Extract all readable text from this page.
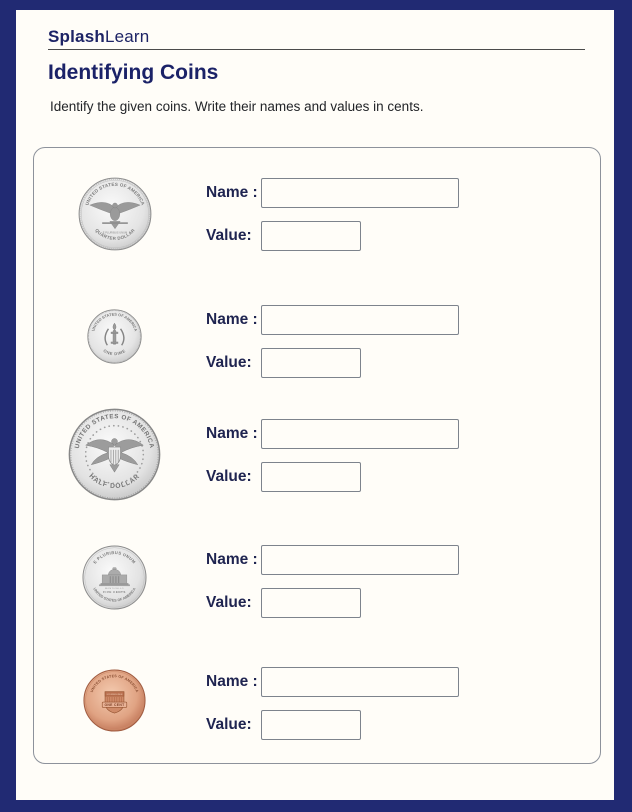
SplashLearn
Identifying Coins

Identify the given coins. Write their names and values in cents.

UNITED STATES OF AMERICA
QUARTER DOLLAR
E PLURIBUS UNUM
Name :
Value:
UNITED STATES OF AMERICA
ONE DIME
Name :
Value:
UNITED STATES OF AMERICA
HALF DOLLAR
Name :
Value:
E PLURIBUS UNUM
UNITED STATES OF AMERICA
MONTICELLO
FIVE CENTS
Name :
Value:
UNITED STATES OF AMERICA
E PLURIBUS UNUM
ONE CENT
Name :
Value:
